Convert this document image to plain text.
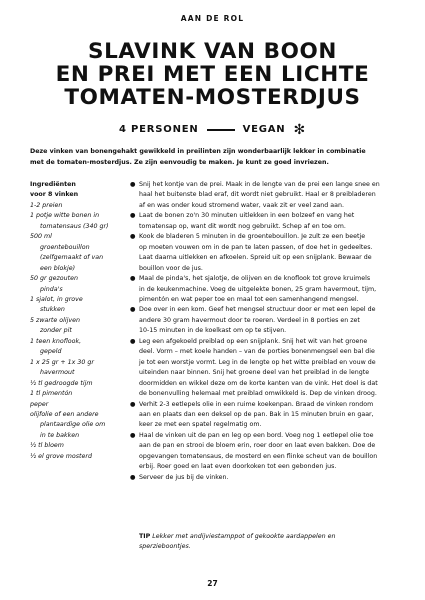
AAN DE ROL
SLAVINK VAN BOON
EN PREI MET EEN LICHTE
TOMATEN-MOSTERDJUS
4 PERSONEN	VEGAN ✻
Deze vinken van bonengehakt gewikkeld in preilinten zijn wonderbaarlijk lekker in combinatie
met de tomaten-mosterdjus. Ze zijn eenvoudig te maken. Je kunt ze goed invriezen.
Ingrediënten
voor 8 vinken
1-2 preien
1 potje witte bonen in
tomatensaus (340 gr)
500 ml
groentebouillon
(zelfgemaakt of van
een blokje)
50 gr gezouten
pinda's
1 sjalot, in grove
stukken
5 zwarte olijven
zonder pit
1 teen knoflook,
gepeld
1 x 25 gr + 1x 30 gr
havermout
½ tl gedroogde tijm
1 tl pimentón
peper
olijfolie of een andere
plantaardige olie om
in te bakken
½ tl bloem
½ el grove mosterd
● Snij het kontje van de prei. Maak in de lengte van de prei een lange snee en
haal het buitenste blad eraf, dit wordt niet gebruikt. Haal er 8 preibladeren
af en was onder koud stromend water, vaak zit er veel zand aan.
● Laat de bonen zo'n 30 minuten uitlekken in een bolzeef en vang het
tomatensap op, want dit wordt nog gebruikt. Schep af en toe om.
● Kook de bladeren 5 minuten in de groentebouillon. Je zult ze een beetje
op moeten vouwen om in de pan te laten passen, of doe het in gedeeltes.
Laat daarna uitlekken en afkoelen. Spreid uit op een snijplank. Bewaar de
bouillon voor de jus.
● Maal de pinda's, het sjalotje, de olijven en de knoflook tot grove kruimels
in de keukenmachine. Voeg de uitgelekte bonen, 25 gram havermout, tijm,
pimentón en wat peper toe en maal tot een samenhangend mengsel.
● Doe over in een kom. Geef het mengsel structuur door er met een lepel de
andere 30 gram havermout door te roeren. Verdeel in 8 porties en zet
10-15 minuten in de koelkast om op te stijven.
● Leg een afgekoeld preiblad op een snijplank. Snij het wit van het groene
deel. Vorm – met koele handen – van de porties bonenmengsel een bal die
je tot een worstje vormt. Leg in de lengte op het witte preiblad en vouw de
uiteinden naar binnen. Snij het groene deel van het preiblad in de lengte
doormidden en wikkel deze om de korte kanten van de vink. Het doel is dat
de bonenvulling helemaal met preiblad omwikkeld is. Dep de vinken droog.
● Verhit 2-3 eetlepels olie in een ruime koekenpan. Braad de vinken rondom
aan en plaats dan een deksel op de pan. Bak in 15 minuten bruin en gaar,
keer ze met een spatel regelmatig om.
● Haal de vinken uit de pan en leg op een bord. Voeg nog 1 eetlepel olie toe
aan de pan en strooi de bloem erin, roer door en laat even bakken. Doe de
opgevangen tomatensaus, de mosterd en een flinke scheut van de bouillon
erbij. Roer goed en laat even doorkoken tot een gebonden jus.
● Serveer de jus bij de vinken.
TIP Lekker met andijviestamppot of gekookte aardappelen en
sperzieboontjes.
27
